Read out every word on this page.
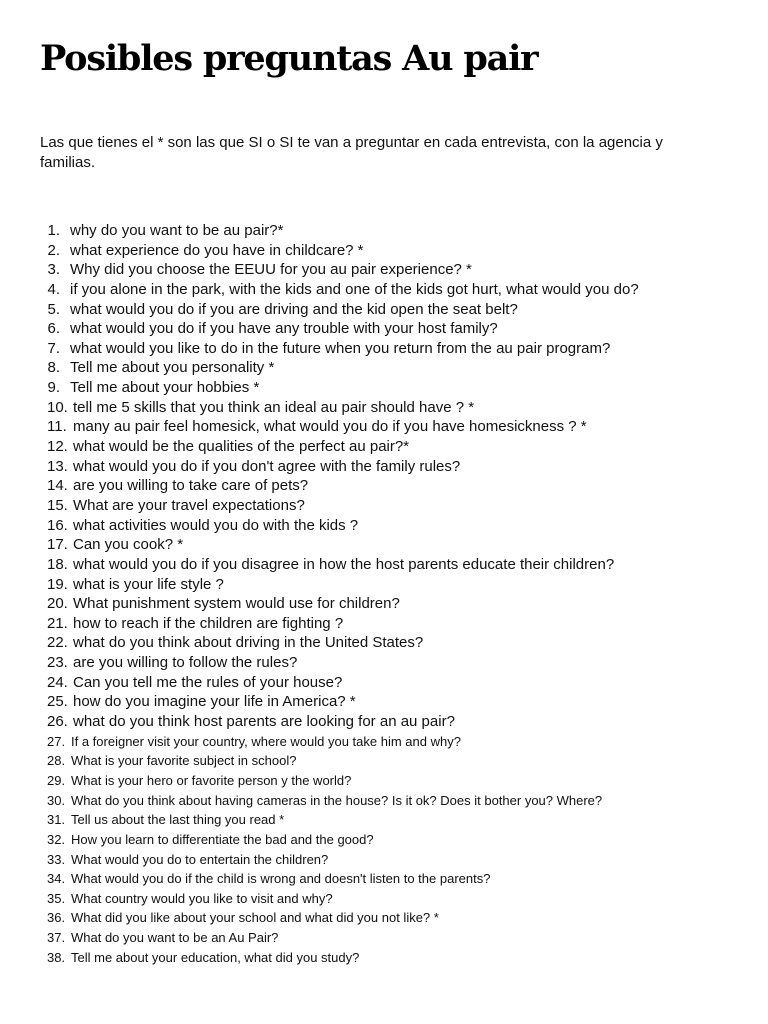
Posibles preguntas Au pair

Las que tienes el * son las que SI o SI te van a preguntar en cada entrevista, con la agencia y familias.

1. why do you want to be au pair?*
2. what experience do you have in childcare? *
3. Why did you choose the EEUU for you au pair experience? *
4. if you alone in the park, with the kids and one of the kids got hurt, what would you do?
5. what would you do if you are driving and the kid open the seat belt?
6. what would you do if you have any trouble with your host family?
7. what would you like to do in the future when you return from the au pair program?
8. Tell me about you personality *
9. Tell me about your hobbies *
10. tell me 5 skills that you think an ideal au pair should have ? *
11. many au pair feel homesick, what would you do if you have homesickness ? *
12. what would be the qualities of the perfect au pair?*
13. what would you do if you don't agree with the family rules?
14. are you willing to take care of pets?
15. What are your travel expectations?
16. what activities would you do with the kids ?
17. Can you cook? *
18. what would you do if you disagree in how the host parents educate their children?
19. what is your life style ?
20. What punishment system would use for children?
21. how to reach if the children are fighting ?
22. what do you think about driving in the United States?
23. are you willing to follow the rules?
24. Can you tell me the rules of your house?
25. how do you imagine your life in America? *
26. what do you think host parents are looking for an au pair?
27. If a foreigner visit your country, where would you take him and why?
28. What is your favorite subject in school?
29. What is your hero or favorite person y the world?
30. What do you think about having cameras in the house? Is it ok? Does it bother you? Where?
31. Tell us about the last thing you read *
32. How you learn to differentiate the bad and the good?
33. What would you do to entertain the children?
34. What would you do if the child is wrong and doesn't listen to the parents?
35. What country would you like to visit and why?
36. What did you like about your school and what did you not like? *
37. What do you want to be an Au Pair?
38. Tell me about your education, what did you study?
